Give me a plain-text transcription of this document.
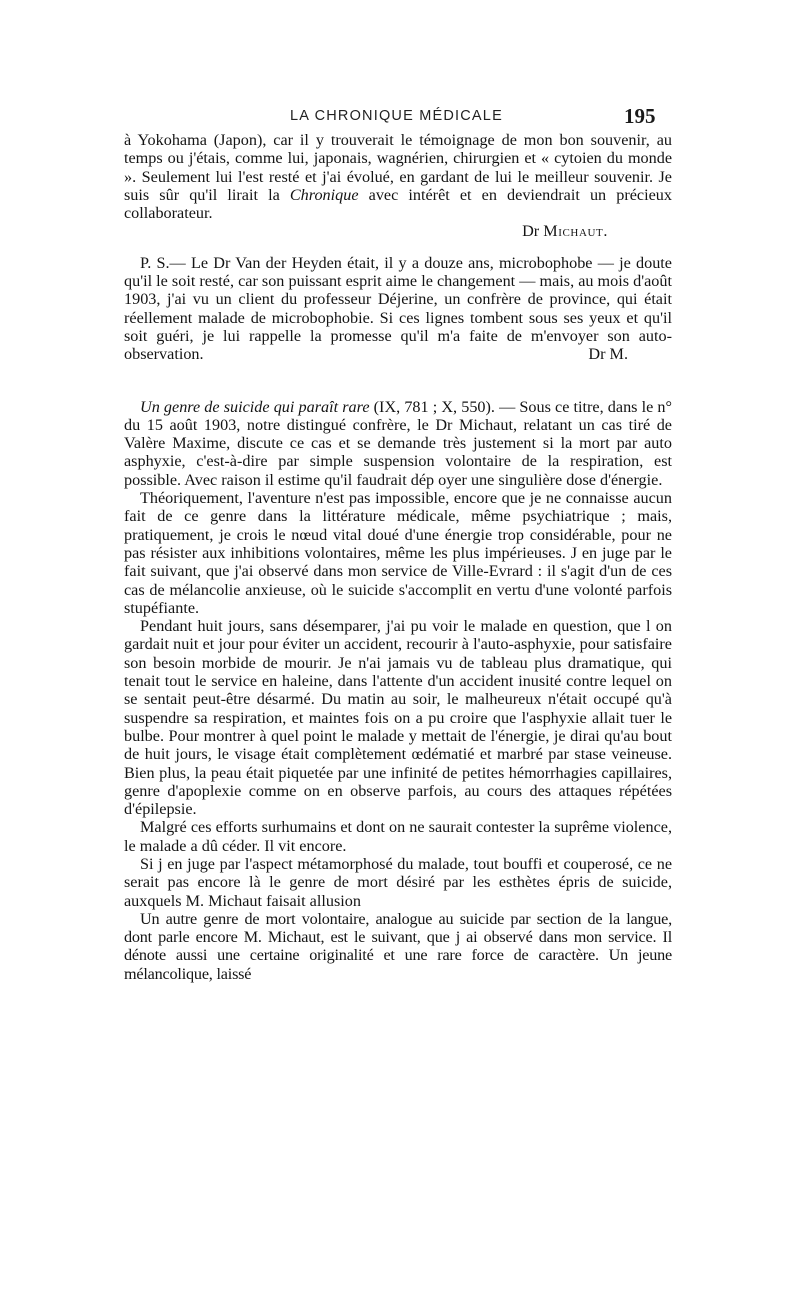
LA CHRONIQUE MÉDICALE	195

à Yokohama (Japon), car il y trouverait le témoignage de mon bon souvenir, au temps ou j'étais, comme lui, japonais, wagnérien, chirurgien et « cytoien du monde ». Seulement lui l'est resté et j'ai évolué, en gardant de lui le meilleur souvenir. Je suis sûr qu'il lirait la Chronique avec intérêt et en deviendrait un précieux collaborateur.

Dr Michaut.

P. S.— Le Dr Van der Heyden était, il y a douze ans, microbophobe — je doute qu'il le soit resté, car son puissant esprit aime le changement — mais, au mois d'août 1903, j'ai vu un client du professeur Déjerine, un confrère de province, qui était réellement malade de microbophobie. Si ces lignes tombent sous ses yeux et qu'il soit guéri, je lui rappelle la promesse qu'il m'a faite de m'envoyer son auto-observation.	Dr M.

Un genre de suicide qui paraît rare (IX, 781 ; X, 550). — Sous ce titre, dans le n° du 15 août 1903, notre distingué confrère, le Dr Michaut, relatant un cas tiré de Valère Maxime, discute ce cas et se demande très justement si la mort par auto asphyxie, c'est-à-dire par simple suspension volontaire de la respiration, est possible. Avec raison il estime qu'il faudrait dép oyer une singulière dose d'énergie.

Théoriquement, l'aventure n'est pas impossible, encore que je ne connaisse aucun fait de ce genre dans la littérature médicale, même psychiatrique ; mais, pratiquement, je crois le nœud vital doué d'une énergie trop considérable, pour ne pas résister aux inhibitions volontaires, même les plus impérieuses. J en juge par le fait suivant, que j'ai observé dans mon service de Ville-Evrard : il s'agit d'un de ces cas de mélancolie anxieuse, où le suicide s'accomplit en vertu d'une volonté parfois stupéfiante.

Pendant huit jours, sans désemparer, j'ai pu voir le malade en question, que l on gardait nuit et jour pour éviter un accident, recourir à l'auto-asphyxie, pour satisfaire son besoin morbide de mourir. Je n'ai jamais vu de tableau plus dramatique, qui tenait tout le service en haleine, dans l'attente d'un accident inusité contre lequel on se sentait peut-être désarmé. Du matin au soir, le malheureux n'était occupé qu'à suspendre sa respiration, et maintes fois on a pu croire que l'asphyxie allait tuer le bulbe. Pour montrer à quel point le malade y mettait de l'énergie, je dirai qu'au bout de huit jours, le visage était complètement œdématié et marbré par stase veineuse. Bien plus, la peau était piquetée par une infinité de petites hémorrhagies capillaires, genre d'apoplexie comme on en observe parfois, au cours des attaques répétées d'épilepsie.

Malgré ces efforts surhumains et dont on ne saurait contester la suprême violence, le malade a dû céder. Il vit encore.

Si j en juge par l'aspect métamorphosé du malade, tout bouffi et couperosé, ce ne serait pas encore là le genre de mort désiré par les esthètes épris de suicide, auxquels M. Michaut faisait allusion

Un autre genre de mort volontaire, analogue au suicide par section de la langue, dont parle encore M. Michaut, est le suivant, que j ai observé dans mon service. Il dénote aussi une certaine originalité et une rare force de caractère. Un jeune mélancolique, laissé
